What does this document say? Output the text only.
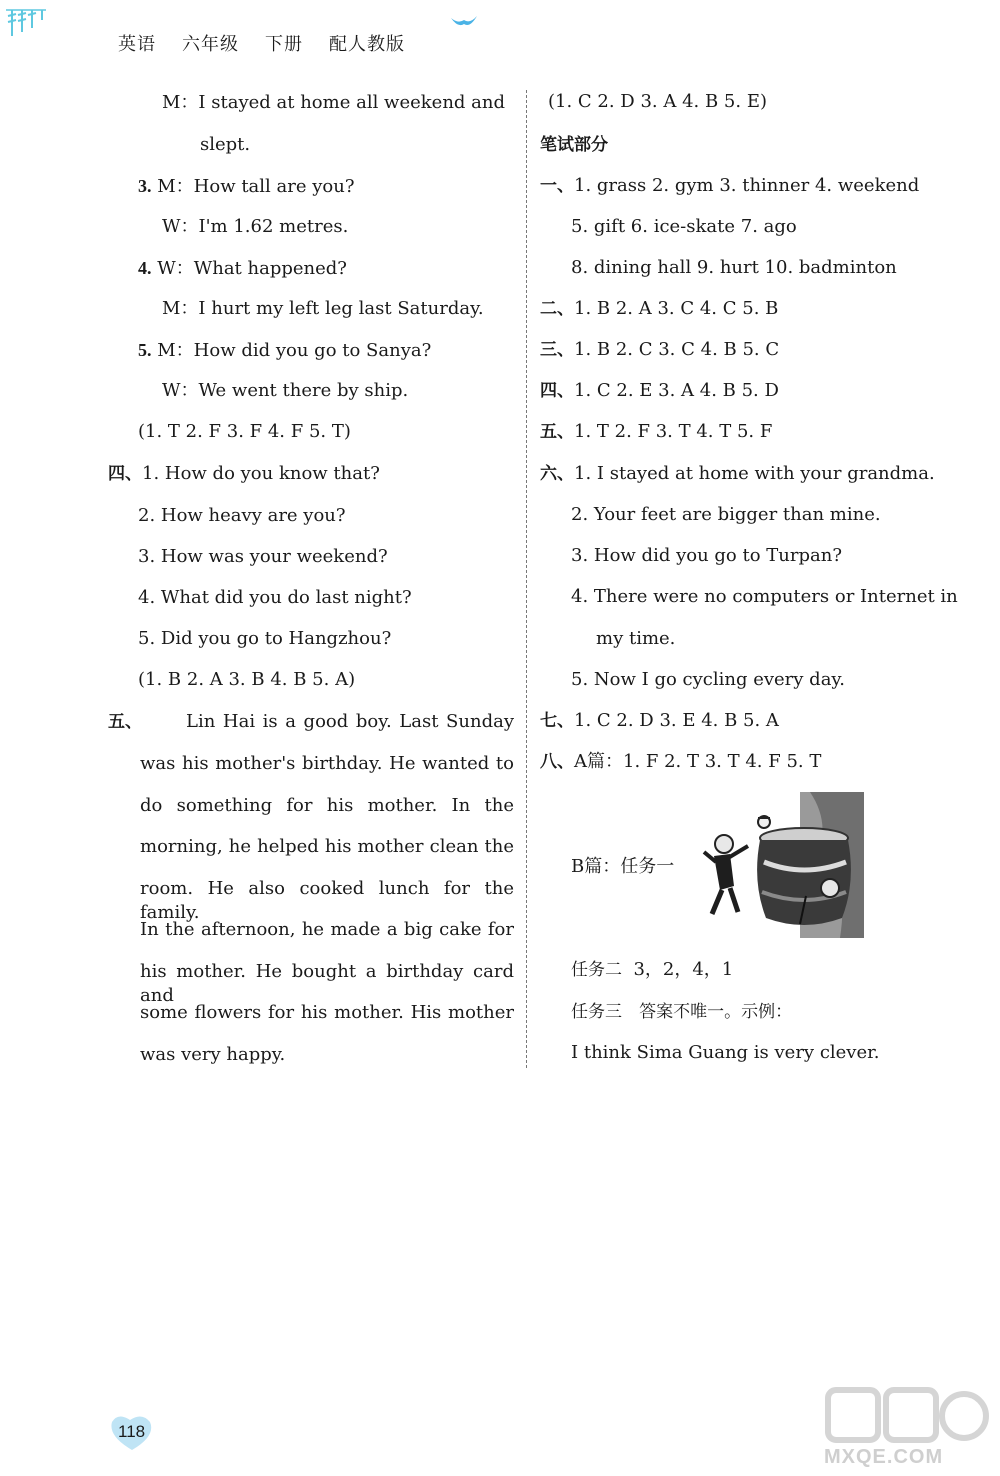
英语 六年级 下册 配人教版
M：I stayed at home all weekend and
slept.
3. M：How tall are you?
W：I'm 1.62 metres.
4. W：What happened?
M：I hurt my left leg last Saturday.
5. M：How did you go to Sanya?
W：We went there by ship.
(1. T 2. F 3. F 4. F 5. T)
四、1. How do you know that?
2. How heavy are you?
3. How was your weekend?
4. What did you do last night?
5. Did you go to Hangzhou?
(1. B 2. A 3. B 4. B 5. A)
五、 Lin Hai is a good boy. Last Sunday
was his mother's birthday. He wanted to
do something for his mother. In the
morning, he helped his mother clean the
room. He also cooked lunch for the family.
In the afternoon, he made a big cake for
his mother. He bought a birthday card and
some flowers for his mother. His mother
was very happy.
(1. C 2. D 3. A 4. B 5. E)
笔试部分
一、1. grass 2. gym 3. thinner 4. weekend
5. gift 6. ice-skate 7. ago
8. dining hall 9. hurt 10. badminton
二、1. B 2. A 3. C 4. C 5. B
三、1. B 2. C 3. C 4. B 5. C
四、1. C 2. E 3. A 4. B 5. D
五、1. T 2. F 3. T 4. T 5. F
六、1. I stayed at home with your grandma.
2. Your feet are bigger than mine.
3. How did you go to Turpan?
4. There were no computers or Internet in
my time.
5. Now I go cycling every day.
七、1. C 2. D 3. E 4. B 5. A
八、A篇：1. F 2. T 3. T 4. F 5. T
B篇：任务一
任务二 3，2，4，1
任务三 答案不唯一。示例：
I think Sima Guang is very clever.
118
MXQE.COM
